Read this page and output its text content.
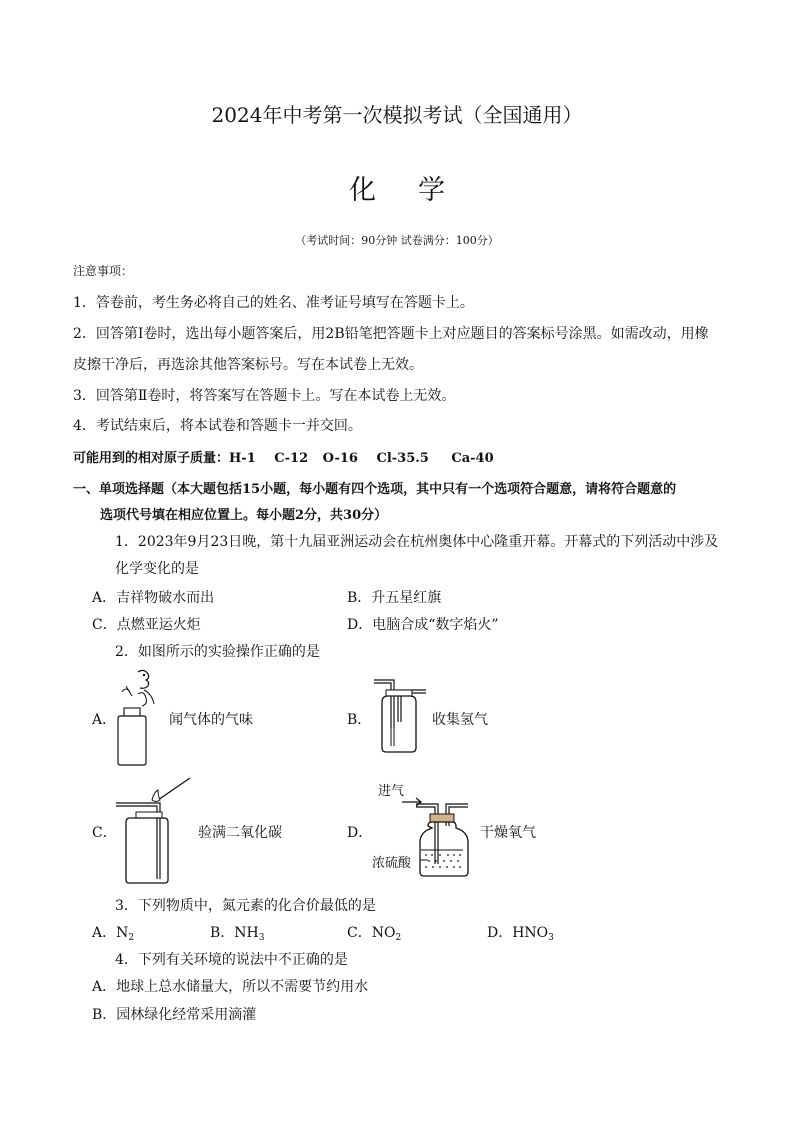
2024年中考第一次模拟考试（全国通用）
化 学
（考试时间：90分钟 试卷满分：100分）
注意事项：
1．答卷前，考生务必将自己的姓名、准考证号填写在答题卡上。
2．回答第Ⅰ卷时，选出每小题答案后，用2B铅笔把答题卡上对应题目的答案标号涂黑。如需改动，用橡
皮擦干净后，再选涂其他答案标号。写在本试卷上无效。
3．回答第Ⅱ卷时，将答案写在答题卡上。写在本试卷上无效。
4．考试结束后，将本试卷和答题卡一并交回。
可能用到的相对原子质量：H-1 C-12 O-16 Cl-35.5 Ca-40
一、单项选择题（本大题包括15小题，每小题有四个选项，其中只有一个选项符合题意，请将符合题意的
选项代号填在相应位置上。每小题2分，共30分）
1．2023年9月23日晚，第十九届亚洲运动会在杭州奥体中心隆重开幕。开幕式的下列活动中涉及
化学变化的是
A．吉祥物破水而出	B．升五星红旗
C．点燃亚运火炬	D．电脑合成“数字焰火”
2．如图所示的实验操作正确的是
A．	闻气体的气味	B．	收集氢气
C．	验满二氧化碳	D．
进气
浓硫酸
干燥氧气
3．下列物质中，氮元素的化合价最低的是
A．$N_2$	B．$NH_3$	C．$NO_2$	D．$HNO_3$
4．下列有关环境的说法中不正确的是
A．地球上总水储量大，所以不需要节约用水
B．园林绿化经常采用滴灌
